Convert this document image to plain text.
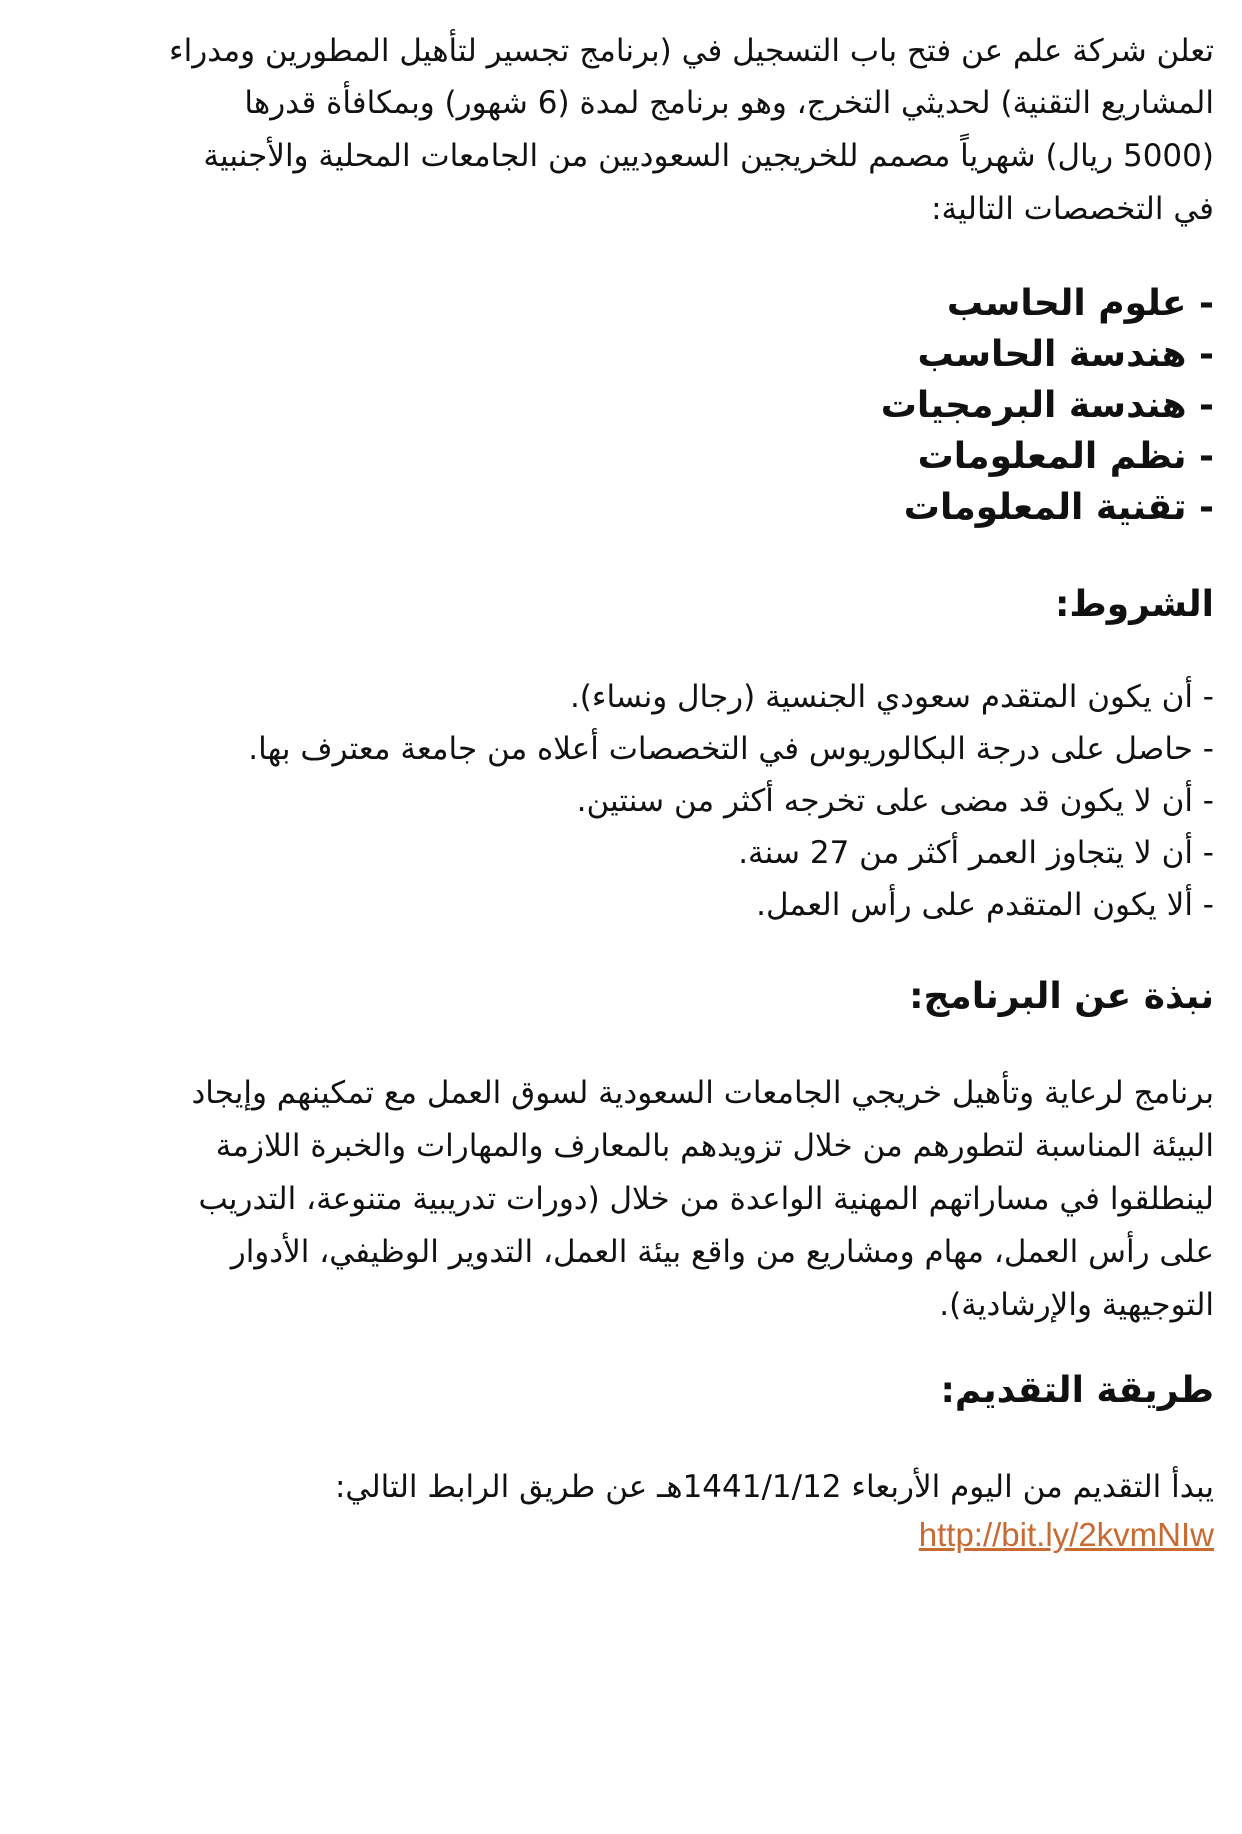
تعلن شركة علم عن فتح باب التسجيل في (برنامج تجسير لتأهيل المطورين ومدراء
المشاريع التقنية) لحديثي التخرج، وهو برنامج لمدة (6 شهور) وبمكافأة قدرها
(5000 ريال) شهرياً مصمم للخريجين السعوديين من الجامعات المحلية والأجنبية
في التخصصات التالية:
- علوم الحاسب
- هندسة الحاسب
- هندسة البرمجيات
- نظم المعلومات
- تقنية المعلومات
الشروط:
- أن يكون المتقدم سعودي الجنسية (رجال ونساء).
- حاصل على درجة البكالوريوس في التخصصات أعلاه من جامعة معترف بها.
- أن لا يكون قد مضى على تخرجه أكثر من سنتين.
- أن لا يتجاوز العمر أكثر من 27 سنة.
- ألا يكون المتقدم على رأس العمل.
نبذة عن البرنامج:
برنامج لرعاية وتأهيل خريجي الجامعات السعودية لسوق العمل مع تمكينهم وإيجاد
البيئة المناسبة لتطورهم من خلال تزويدهم بالمعارف والمهارات والخبرة اللازمة
لينطلقوا في مساراتهم المهنية الواعدة من خلال (دورات تدريبية متنوعة، التدريب
على رأس العمل، مهام ومشاريع من واقع بيئة العمل، التدوير الوظيفي، الأدوار
التوجيهية والإرشادية).
طريقة التقديم:
يبدأ التقديم من اليوم الأربعاء 1441/1/12هـ عن طريق الرابط التالي:
http://bit.ly/2kvmNIw
